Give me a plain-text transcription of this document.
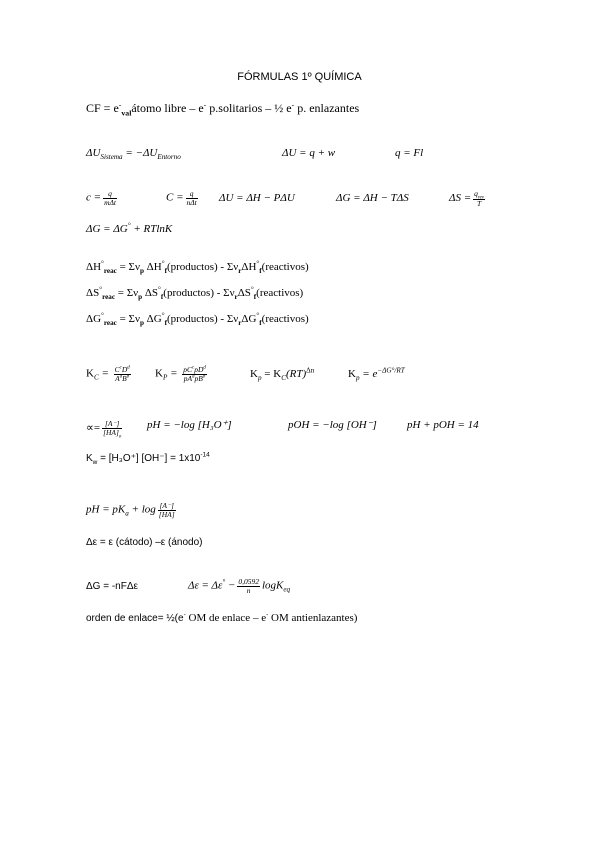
FÓRMULAS 1º QUÍMICA
CF = $e^-_{val}átomo$ libre – e- p.solitarios – ½ e- p. enlazantes
$\Delta U_{Sistema} = -\Delta U_{Entorno}$	ΔU = q + w	q = Fl
$c = \frac{q}{\text{mΔt}}$	$C = \frac{q}{\text{nΔt}}$ ΔU = ΔH − PΔU	ΔG = ΔH − TΔS	$\Delta S = \frac{q_{rev}}{T}$
ΔG = ΔG° + RTlnK
$\Delta H^\circ_{reac} = \Sigma\nu_p$ $\Delta H^\circ_f(productos)$ - $\Sigma\nu_r\Delta H^\circ_f(reactivos)$
$\Delta S^\circ_{reac} = \Sigma\nu_p$ $\Delta S^\circ_f(productos)$ - $\Sigma\nu_r\Delta S^\circ_f(reactivos)$
$\Delta G^\circ_{reac} = \Sigma\nu_p$ $\Delta G^\circ_f(productos)$ - $\Sigma\nu_r\Delta G^\circ_f(reactivos)$
$K_C = \frac{C^cD^d}{A^aB^b} K_P = \frac{pC^cpD^d}{pA^apB^b}$	$K_p = K_C(RT)^{\Delta n}$	$K_p = e^{-\Delta G^\circ/RT}$
∝= $\frac{[A^-]}{[HA]_o}$ pH = −log [H₃O⁺]	pOH = −log [OH⁻]	pH + pOH = 14
$K_w = [H_3O^+] [OH^-] = 1x10^{-14}$
pH = $pK_a + \log \frac{[A^-]}{[HA]}$
Δε = ε (cátodo) –ε (ánodo)
ΔG = -nFΔε	$\Delta\varepsilon = \Delta\varepsilon^\circ - \frac{0,0592}{n} \log K_{eq}$
orden de enlace= ½(e- OM de enlace – e- OM antienlazantes)
